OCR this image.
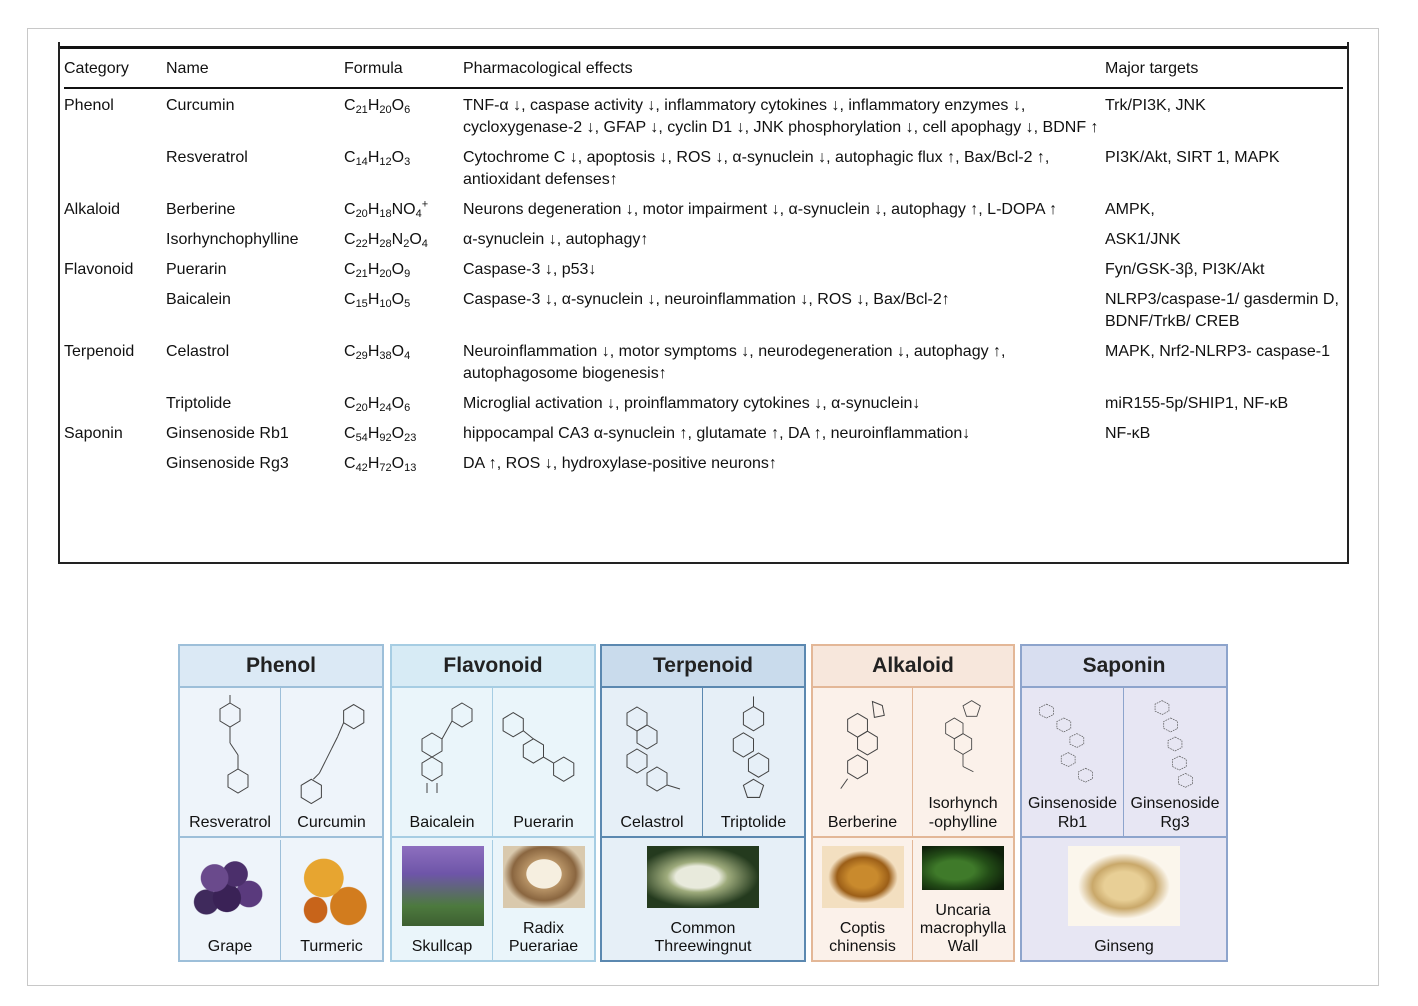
Category	Name	Formula	Pharmacological effects	Major targets
Phenol	Curcumin	$C_{21}H_{20}O_6$	TNF-α ↓, caspase activity ↓, inflammatory cytokines ↓, inflammatory enzymes ↓, cycloxygenase-2 ↓, GFAP ↓, cyclin D1 ↓, JNK phosphorylation ↓, cell apophagy ↓, BDNF ↑	Trk/PI3K, JNK
	Resveratrol	$C_{14}H_{12}O_3$	Cytochrome C ↓, apoptosis ↓, ROS ↓, α-synuclein ↓, autophagic flux ↑, Bax/Bcl-2 ↑, antioxidant defenses↑	PI3K/Akt, SIRT 1, MAPK
Alkaloid	Berberine	$C_{20}H_{18}NO_4^+$	Neurons degeneration ↓, motor impairment ↓, α-synuclein ↓, autophagy ↑, L-DOPA ↑	AMPK,
	Isorhynchophylline	$C_{22}H_{28}N_2O_4$	α-synuclein ↓, autophagy↑	ASK1/JNK
Flavonoid	Puerarin	$C_{21}H_{20}O_9$	Caspase-3 ↓, p53↓	Fyn/GSK-3β, PI3K/Akt
	Baicalein	$C_{15}H_{10}O_5$	Caspase-3 ↓, α-synuclein ↓, neuroinflammation ↓, ROS ↓, Bax/Bcl-2↑	NLRP3/caspase-1/ gasdermin D, BDNF/TrkB/ CREB
Terpenoid	Celastrol	$C_{29}H_{38}O_4$	Neuroinflammation ↓, motor symptoms ↓, neurodegeneration ↓, autophagy ↑, autophagosome biogenesis↑	MAPK, Nrf2-NLRP3- caspase-1
	Triptolide	$C_{20}H_{24}O_6$	Microglial activation ↓, proinflammatory cytokines ↓, α-synuclein↓	miR155-5p/SHIP1, NF-κB
Saponin	Ginsenoside Rb1	$C_{54}H_{92}O_{23}$	hippocampal CA3 α-synuclein ↑, glutamate ↑, DA ↑, neuroinflammation↓	NF-κB
	Ginsenoside Rg3	$C_{42}H_{72}O_{13}$	DA ↑, ROS ↓, hydroxylase-positive neurons↑	
Phenol
Resveratrol	Curcumin
Grape	Turmeric
Flavonoid
Baicalein	Puerarin
Skullcap
Radix
Puerariae
Terpenoid
Celastrol	Triptolide
Common
Threewingnut
Alkaloid
Berberine
Isorhynch
-ophylline
Coptis
chinensis
Uncaria
macrophylla
Wall
Saponin
Ginsenoside
Rb1
Ginsenoside
Rg3
Ginseng
